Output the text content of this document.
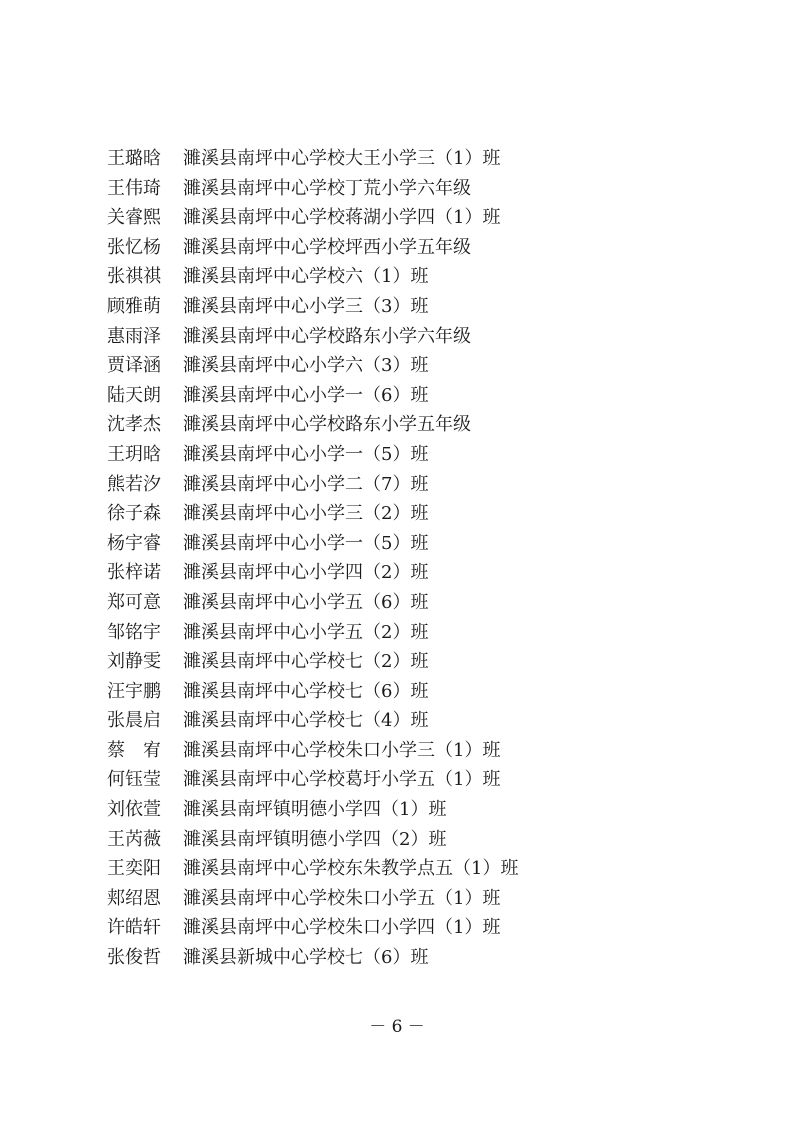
王璐晗	濉溪县南坪中心学校大王小学三（1）班
王伟琦	濉溪县南坪中心学校丁荒小学六年级
关睿熙	濉溪县南坪中心学校蒋湖小学四（1）班
张忆杨	濉溪县南坪中心学校坪西小学五年级
张祺祺	濉溪县南坪中心学校六（1）班
顾雅萌	濉溪县南坪中心小学三（3）班
惠雨泽	濉溪县南坪中心学校路东小学六年级
贾译涵	濉溪县南坪中心小学六（3）班
陆天朗	濉溪县南坪中心小学一（6）班
沈孝杰	濉溪县南坪中心学校路东小学五年级
王玥晗	濉溪县南坪中心小学一（5）班
熊若汐	濉溪县南坪中心小学二（7）班
徐子森	濉溪县南坪中心小学三（2）班
杨宇睿	濉溪县南坪中心小学一（5）班
张梓诺	濉溪县南坪中心小学四（2）班
郑可意	濉溪县南坪中心小学五（6）班
邹铭宇	濉溪县南坪中心小学五（2）班
刘静雯	濉溪县南坪中心学校七（2）班
汪宇鹏	濉溪县南坪中心学校七（6）班
张晨启	濉溪县南坪中心学校七（4）班
蔡　宥	濉溪县南坪中心学校朱口小学三（1）班
何钰莹	濉溪县南坪中心学校葛圩小学五（1）班
刘依萱	濉溪县南坪镇明德小学四（1）班
王芮薇	濉溪县南坪镇明德小学四（2）班
王奕阳	濉溪县南坪中心学校东朱教学点五（1）班
郏绍恩	濉溪县南坪中心学校朱口小学五（1）班
许皓轩	濉溪县南坪中心学校朱口小学四（1）班
张俊哲	濉溪县新城中心学校七（6）班
－ 6 －
